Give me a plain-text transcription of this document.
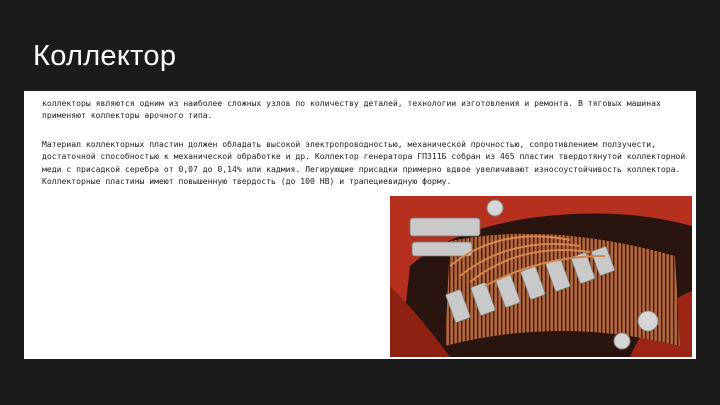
Коллектор

коллекторы являются одним из наиболее сложных узлов по количеству деталей, технологии изготовления и ремонта. В тяговых машинах применяют коллекторы арочного типа.

Материал коллекторных пластин должен обладать высокой электропроводностью, механической прочностью, сопротивлением ползучести, достаточной способностью к механической обработке и др. Коллектор генератора ГП311Б собран из 465 пластин твердотянутой коллекторной меди с присадкой серебра от 0,07 до 0,14% или кадмия. Легирующие присадки примерно вдвое увеличивают износоустойчивость коллектора. Коллекторные пластины имеют повышенную твердость (до 100 НВ) и трапециевидную форму.
